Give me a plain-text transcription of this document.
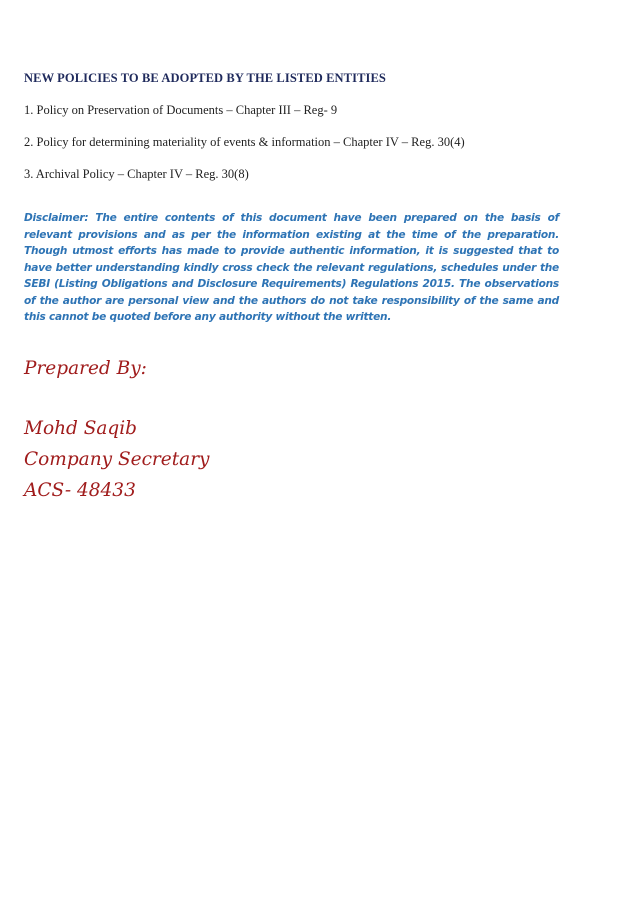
NEW POLICIES TO BE ADOPTED BY THE LISTED ENTITIES
1. Policy on Preservation of Documents – Chapter III – Reg- 9
2. Policy for determining materiality of events & information – Chapter IV – Reg. 30(4)
3. Archival Policy – Chapter IV – Reg. 30(8)
Disclaimer: The entire contents of this document have been prepared on the basis of relevant provisions and as per the information existing at the time of the preparation. Though utmost efforts has made to provide authentic information, it is suggested that to have better understanding kindly cross check the relevant regulations, schedules under the SEBI (Listing Obligations and Disclosure Requirements) Regulations 2015. The observations of the author are personal view and the authors do not take responsibility of the same and this cannot be quoted before any authority without the written.
Prepared By:
Mohd Saqib
Company Secretary
ACS- 48433
